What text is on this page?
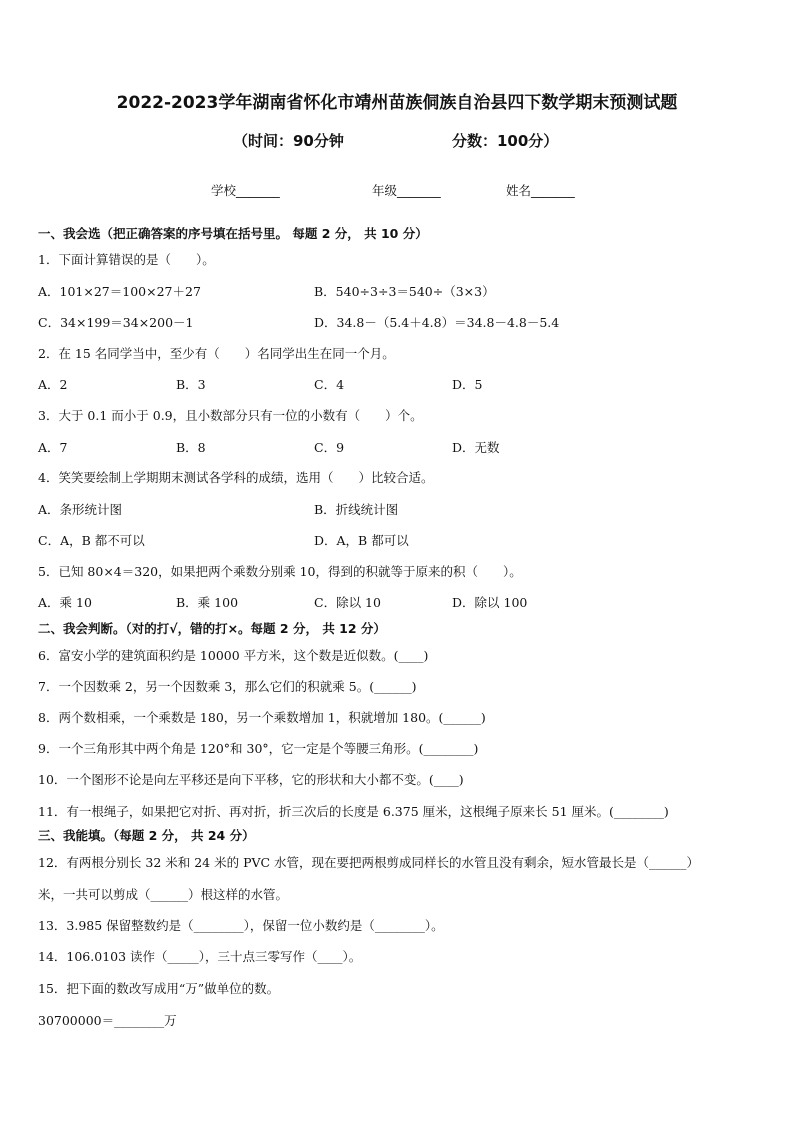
2022-2023学年湖南省怀化市靖州苗族侗族自治县四下数学期末预测试题
（时间：90分钟	分数：100分）
学校_______	年级_______	姓名_______
一、我会选（把正确答案的序号填在括号里。 每题 2 分， 共 10 分）
1．下面计算错误的是（　　）。
A．101×27＝100×27＋27	B．540÷3÷3＝540÷（3×3）
C．34×199＝34×200－1	D．34.8－（5.4＋4.8）＝34.8－4.8－5.4
2．在 15 名同学当中，至少有（　　）名同学出生在同一个月。
A．2	B．3	C．4	D．5
3．大于 0.1 而小于 0.9，且小数部分只有一位的小数有（　　）个。
A．7	B．8	C．9	D．无数
4．笑笑要绘制上学期期末测试各学科的成绩，选用（　　）比较合适。
A．条形统计图	B．折线统计图
C．A，B 都不可以	D．A，B 都可以
5．已知 80×4＝320，如果把两个乘数分别乘 10，得到的积就等于原来的积（　　）。
A．乘 10	B．乘 100	C．除以 10	D．除以 100
二、我会判断。（对的打√，错的打×。每题 2 分， 共 12 分）
6．富安小学的建筑面积约是 10000 平方米，这个数是近似数。(____)
7．一个因数乘 2，另一个因数乘 3，那么它们的积就乘 5。(______)
8．两个数相乘，一个乘数是 180，另一个乘数增加 1，积就增加 180。(______)
9．一个三角形其中两个角是 120°和 30°，它一定是个等腰三角形。(________)
10．一个图形不论是向左平移还是向下平移，它的形状和大小都不变。(____)
11．有一根绳子，如果把它对折、再对折，折三次后的长度是 6.375 厘米，这根绳子原来长 51 厘米。(________)
三、我能填。（每题 2 分， 共 24 分）
12．有两根分别长 32 米和 24 米的 PVC 水管，现在要把两根剪成同样长的水管且没有剩余，短水管最长是（______）
米，一共可以剪成（______）根这样的水管。
13．3.985 保留整数约是（________），保留一位小数约是（________）。
14．106.0103 读作（_____），三十点三零写作（____）。
15．把下面的数改写成用“万”做单位的数。
30700000＝________万
